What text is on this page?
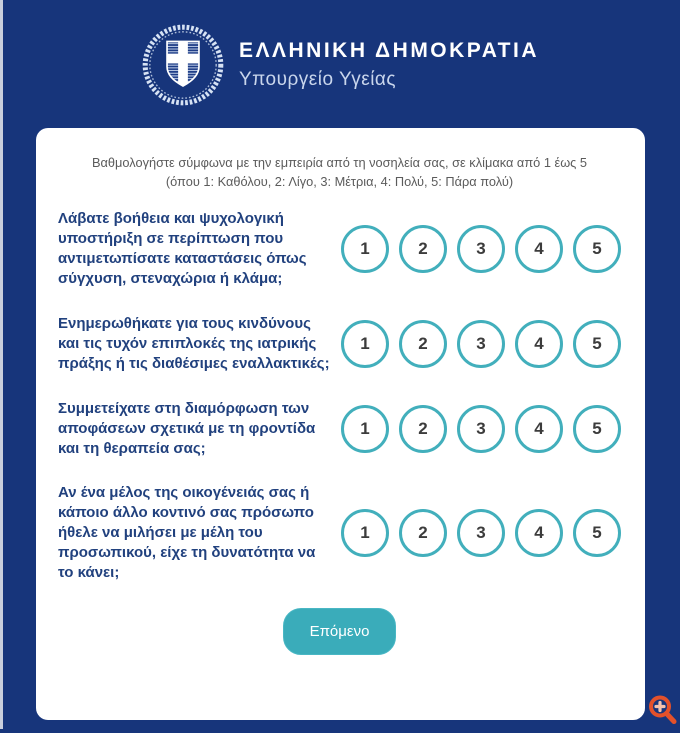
ΕΛΛΗΝΙΚΗ ΔΗΜΟΚΡΑΤΙΑ
Υπουργείο Υγείας
Βαθμολογήστε σύμφωνα με την εμπειρία από τη νοσηλεία σας, σε κλίμακα από 1 έως 5
(όπου 1: Καθόλου, 2: Λίγο, 3: Μέτρια, 4: Πολύ, 5: Πάρα πολύ)
Λάβατε βοήθεια και ψυχολογική υποστήριξη σε περίπτωση που αντιμετωπίσατε καταστάσεις όπως σύγχυση, στεναχώρια ή κλάμα;
1	2	3	4	5
Ενημερωθήκατε για τους κινδύνους και τις τυχόν επιπλοκές της ιατρικής πράξης ή τις διαθέσιμες εναλλακτικές;
1	2	3	4	5
Συμμετείχατε στη διαμόρφωση των αποφάσεων σχετικά με τη φροντίδα και τη θεραπεία σας;
1	2	3	4	5
Αν ένα μέλος της οικογένειάς σας ή κάποιο άλλο κοντινό σας πρόσωπο ήθελε να μιλήσει με μέλη του προσωπικού, είχε τη δυνατότητα να το κάνει;
1	2	3	4	5
Επόμενο
